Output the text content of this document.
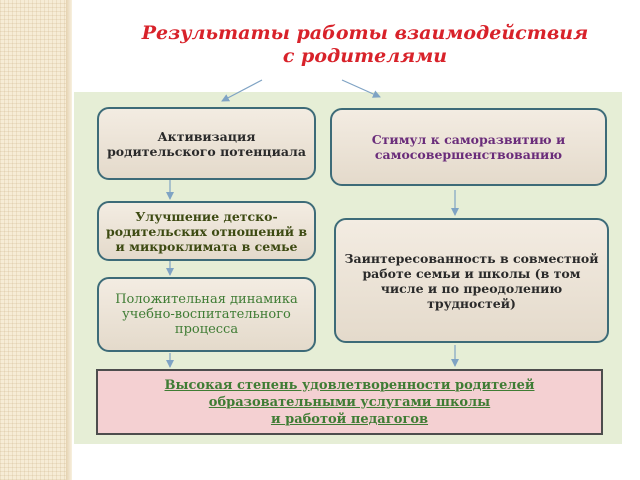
Результаты работы взаимодействия
с родителями
Активизация родительского потенциала
Стимул к саморазвитию и самосовершенствованию
Улучшение детско-родительских отношений в и микроклимата в семье
Заинтересованность в совместной работе семьи и школы (в том числе и по преодолению трудностей)
Положительная динамика учебно-воспитательного процесса
Высокая степень удовлетворенности родителей
образовательными услугами школы
и работой педагогов
